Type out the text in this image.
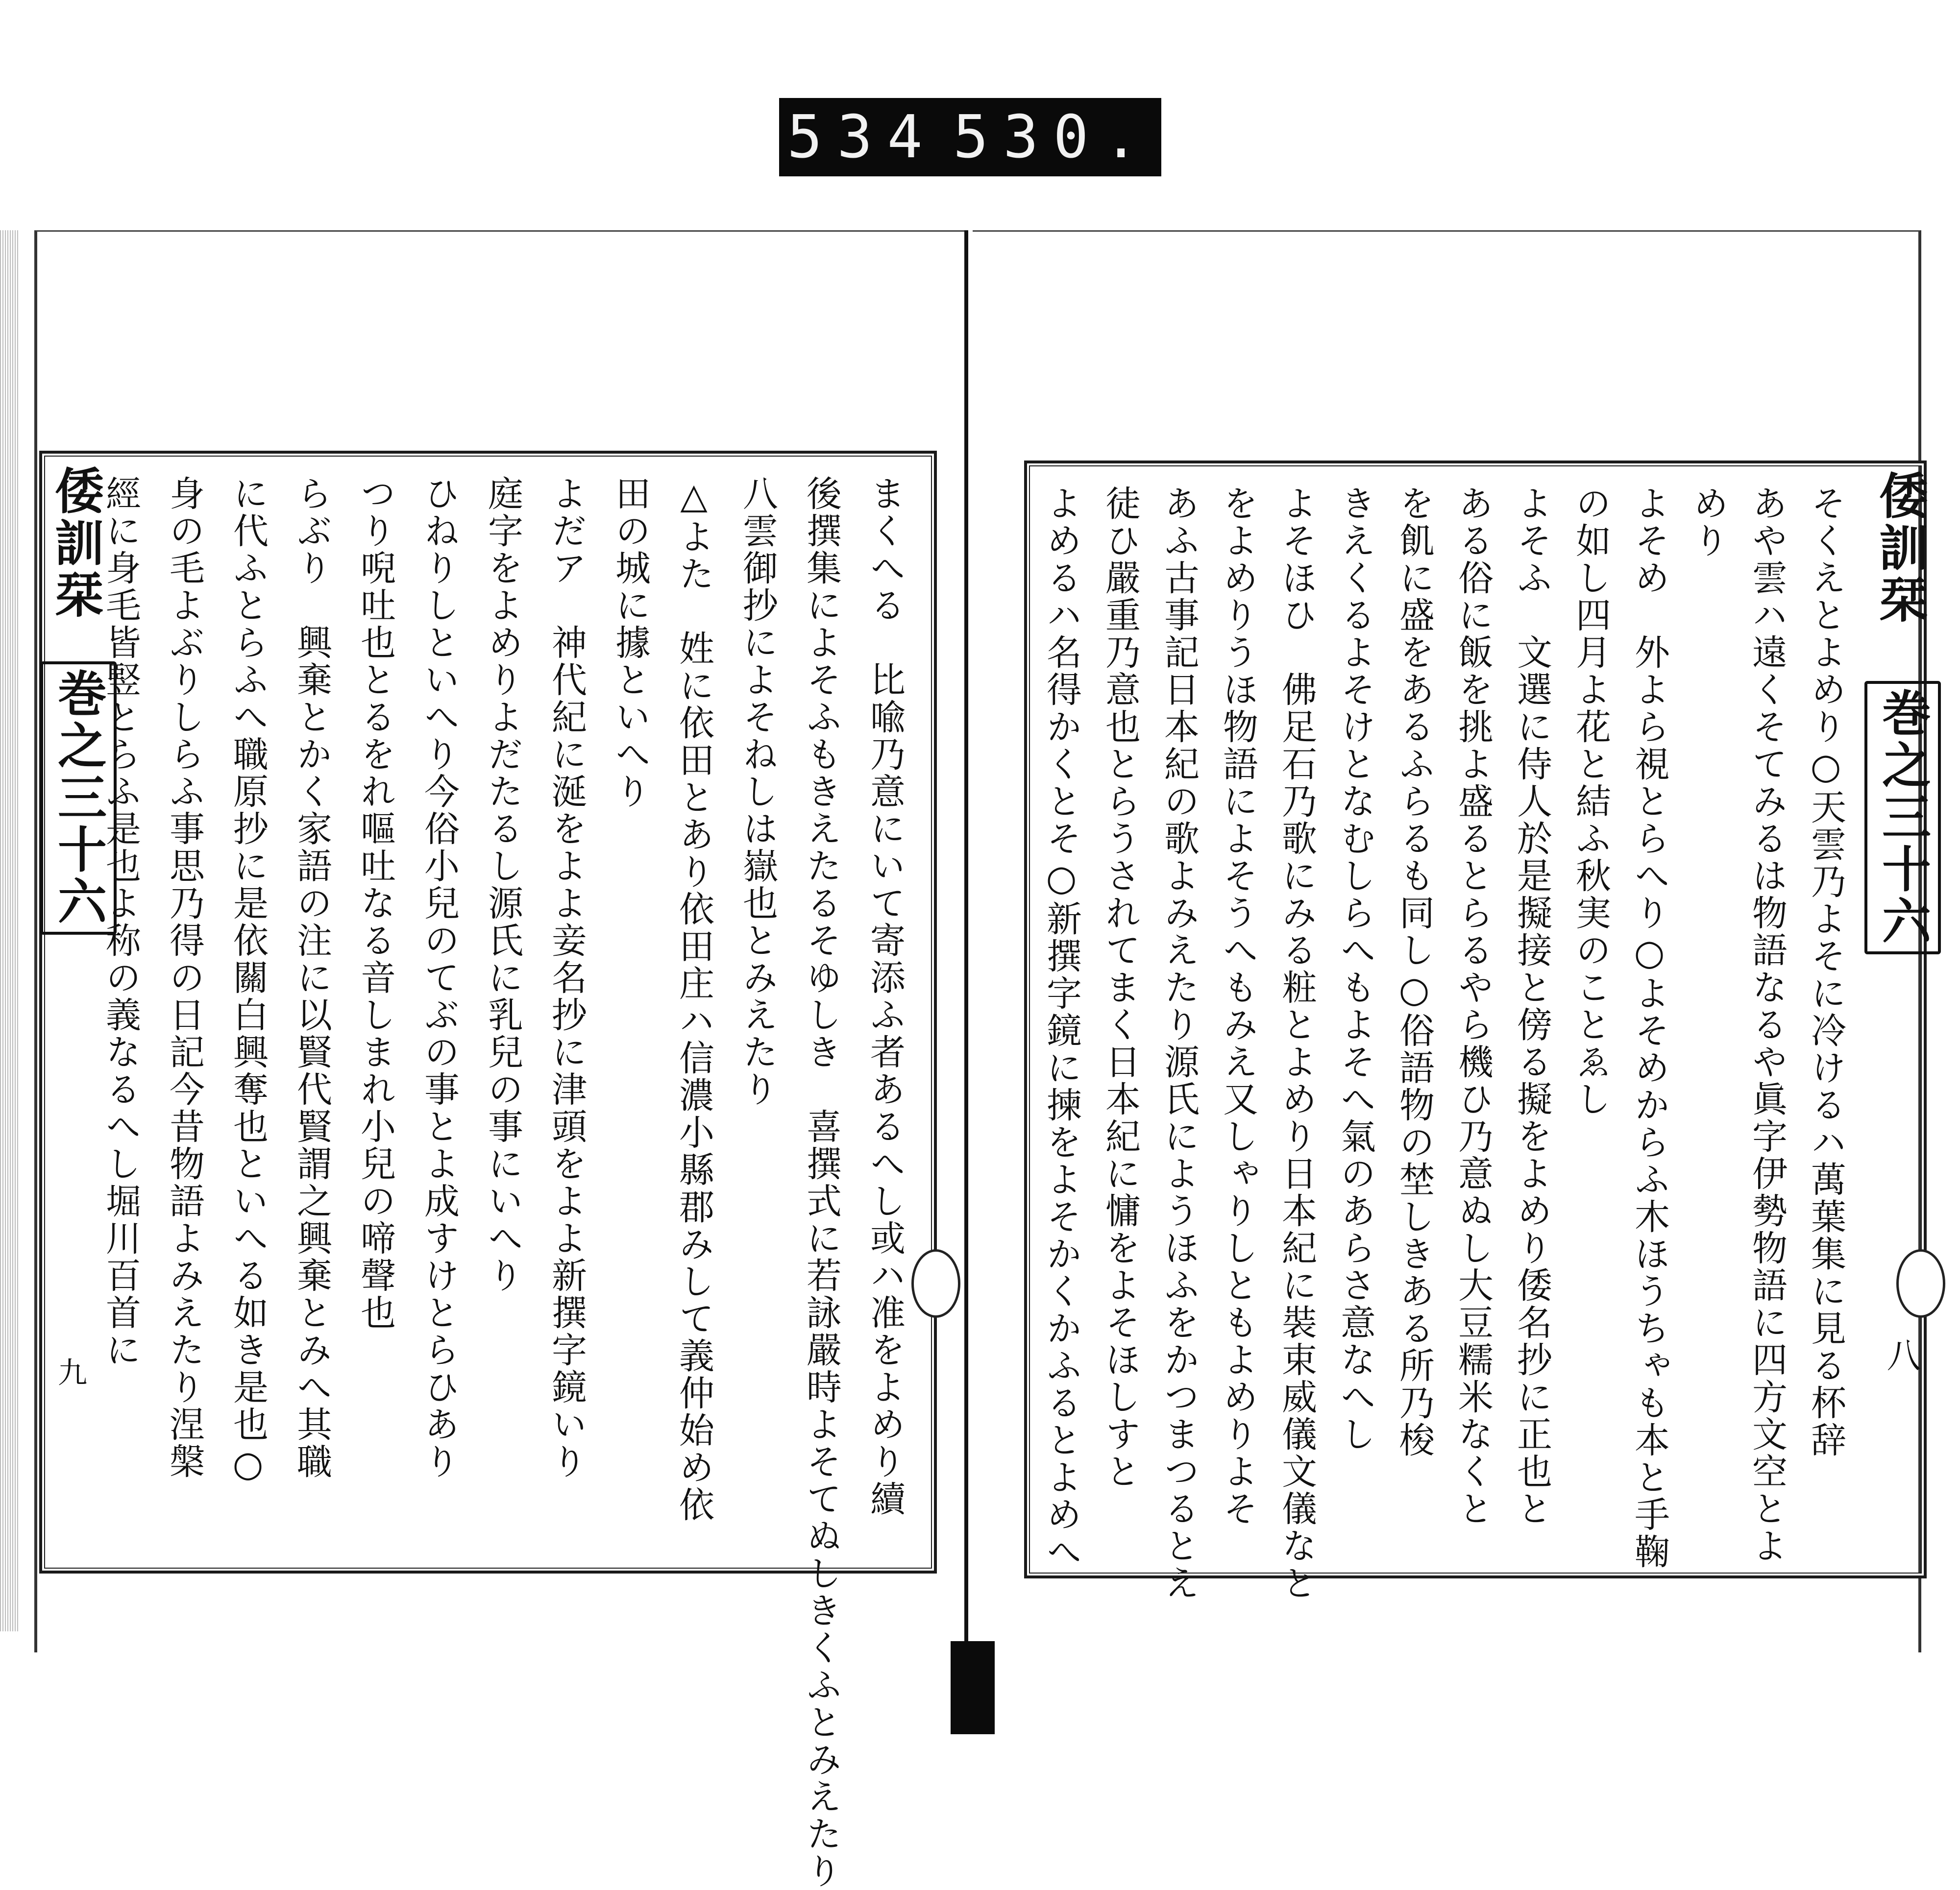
534 530.
倭訓栞
巻之三十六
九	まくへる　比喩乃意にいて寄添ふ者あるへし或ハ准をよめり續
後撰集によそふもきえたるそゆしき　喜撰式に若詠嚴時よそてぬしきくふとみえたり
八雲御抄によそねしは嶽也とみえたり
△よた　姓に依田とあり依田庄ハ信濃小縣郡みして義仲始め依
田の城に據といへり
よだア　神代紀に涎をよよ妾名抄に津頭をよよ新撰字鏡いり
庭字をよめりよだたるし源氏に乳兒の事にいへり
ひねりしといへり今俗小兒のてぶの事とよ成すけとらひあり
つり唲吐也とるをれ嘔吐なる音しまれ小兒の啼聲也
らぶり　興棄とかく家語の注に以賢代賢謂之興棄とみへ其職
に代ふとらふへ職原抄に是依關白興奪也といへる如き是也○
身の毛よぶりしらふ事思乃得の日記今昔物語よみえたり涅槃
經に身毛皆竪とらふ是也よ称の義なるへし堀川百首に	倭訓栞
巻之三十六
八
そくえとよめり○天雲乃よそに冷けるハ萬葉集に見る杯辞
あや雲ハ遠くそてみるは物語なるや眞字伊勢物語に四方文空とよ
めり
よそめ　外よら視とらへり○よそめからふ木ほうちゃも本と手鞠
の如し四月よ花と結ふ秋実のことゑし
よそふ　文選に侍人於是擬接と傍る擬をよめり倭名抄に正也と
ある俗に飯を挑よ盛るとらるやら機ひ乃意ぬし大豆糯米なくと
を飢に盛をあるふらるも同し○俗語物の埜しきある所乃梭
きえくるよそけとなむしらへもよそへ氣のあらさ意なへし
よそほひ　佛足石乃歌にみる粧とよめり日本紀に裝束威儀文儀なと
をよめりうほ物語によそうへもみえ又しゃりしともよめりよそ
あふ古事記日本紀の歌よみえたり源氏にようほふをかつまつるとえ
徒ひ嚴重乃意也とらうされてまく日本紀に慵をよそほしすと
よめるハ名得かくとそ○新撰字鏡に揀をよそかくかふるとよめへ
